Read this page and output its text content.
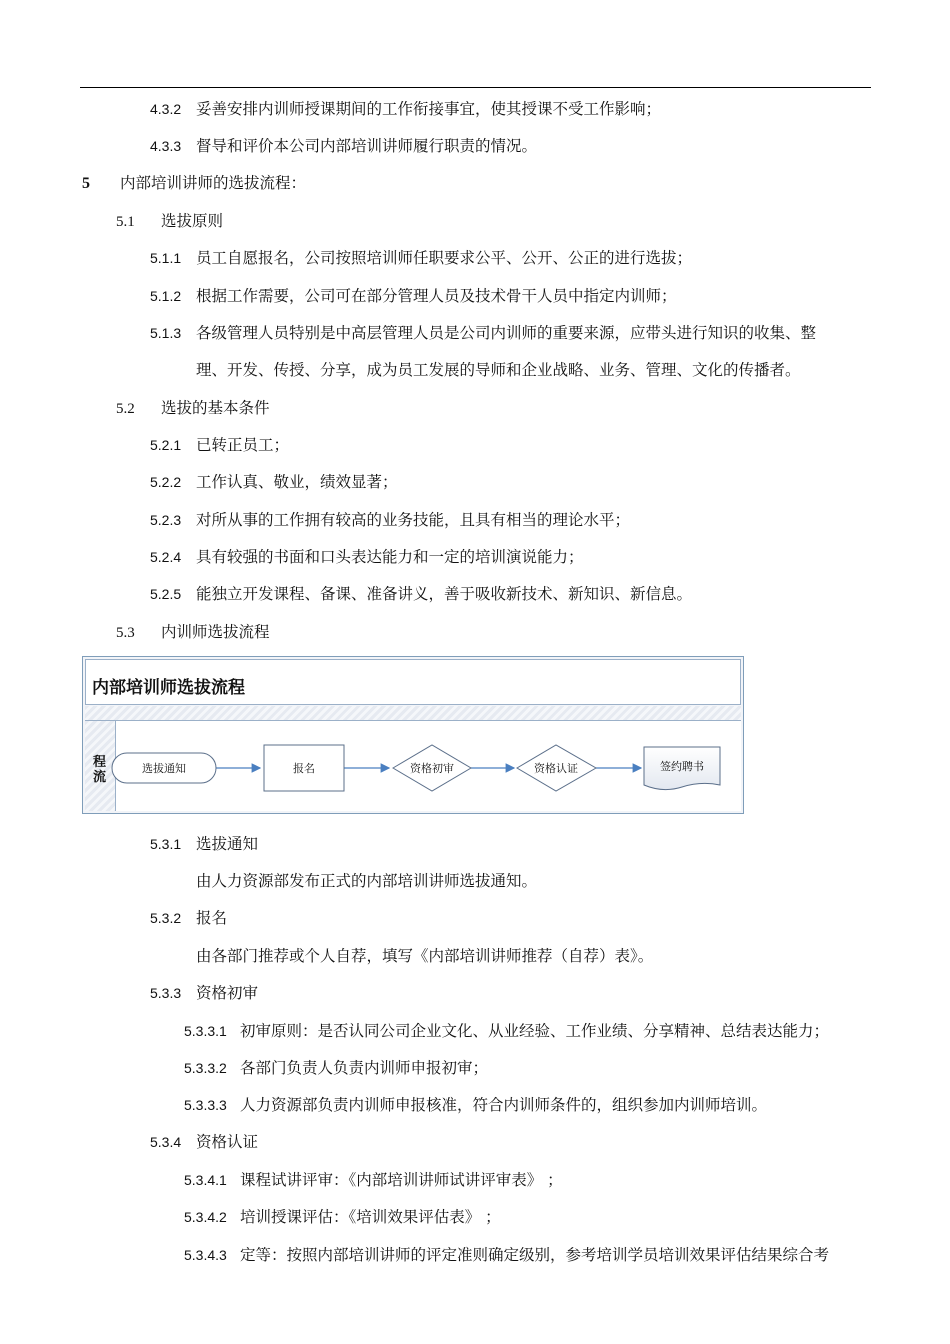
4.3.2 妥善安排内训师授课期间的工作衔接事宜，使其授课不受工作影响；
4.3.3 督导和评价本公司内部培训讲师履行职责的情况。
5 内部培训讲师的选拔流程：
5.1 选拔原则
5.1.1 员工自愿报名，公司按照培训师任职要求公平、公开、公正的进行选拔；
5.1.2 根据工作需要，公司可在部分管理人员及技术骨干人员中指定内训师；
5.1.3 各级管理人员特别是中高层管理人员是公司内训师的重要来源，应带头进行知识的收集、整
理、开发、传授、分享，成为员工发展的导师和企业战略、业务、管理、文化的传播者。
5.2 选拔的基本条件
5.2.1 已转正员工；
5.2.2 工作认真、敬业，绩效显著；
5.2.3 对所从事的工作拥有较高的业务技能，且具有相当的理论水平；
5.2.4 具有较强的书面和口头表达能力和一定的培训演说能力；
5.2.5 能独立开发课程、备课、准备讲义，善于吸收新技术、新知识、新信息。
5.3 内训师选拔流程
内部培训师选拔流程
程流
选拔通知	报名	资格初审	资格认证	签约聘书
5.3.1 选拔通知
由人力资源部发布正式的内部培训讲师选拔通知。
5.3.2 报名
由各部门推荐或个人自荐，填写《内部培训讲师推荐（自荐）表》。
5.3.3 资格初审
5.3.3.1 初审原则：是否认同公司企业文化、从业经验、工作业绩、分享精神、总结表达能力；
5.3.3.2 各部门负责人负责内训师申报初审；
5.3.3.3 人力资源部负责内训师申报核准，符合内训师条件的，组织参加内训师培训。
5.3.4 资格认证
5.3.4.1 课程试讲评审：《内部培训讲师试讲评审表》 ；
5.3.4.2 培训授课评估：《培训效果评估表》 ；
5.3.4.3 定等：按照内部培训讲师的评定准则确定级别，参考培训学员培训效果评估结果综合考
